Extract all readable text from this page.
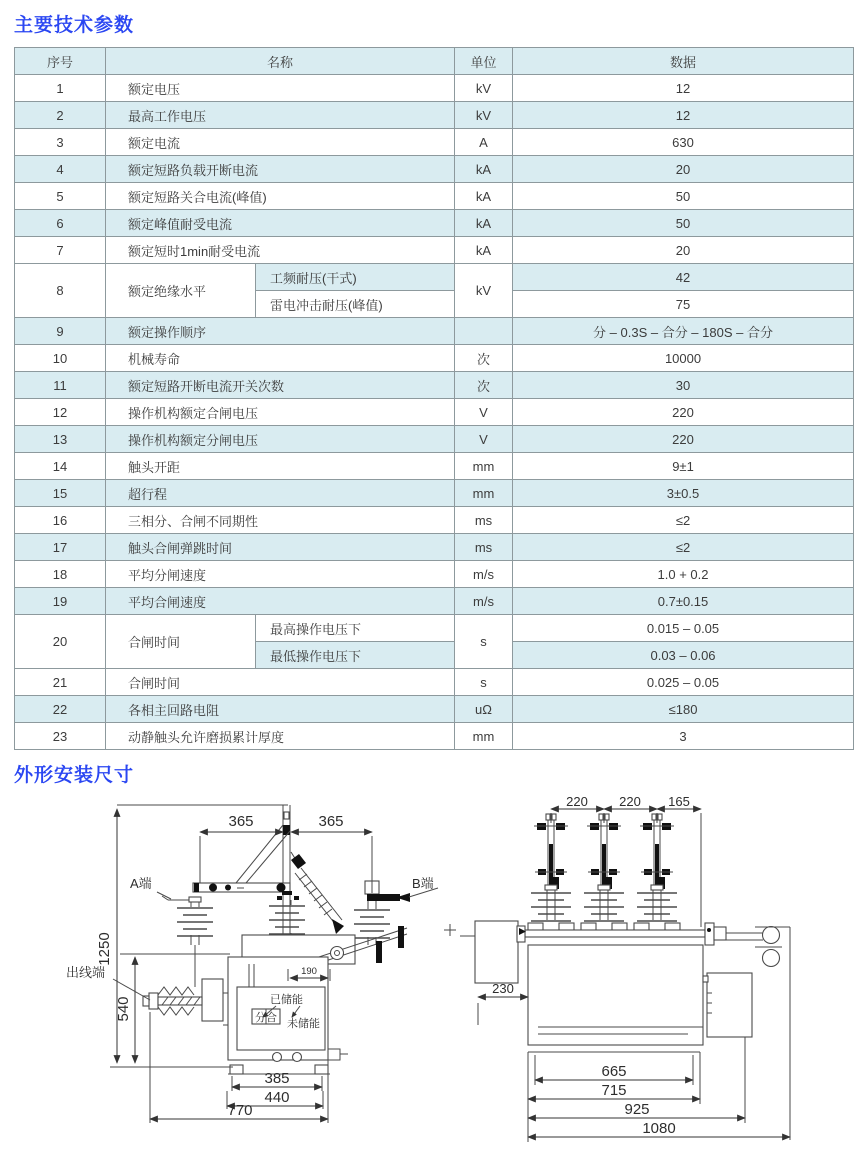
主要技术参数
序号	名称		单位	数据
1	额定电压		kV	12
2	最高工作电压		kV	12
3	额定电流		A	630
4	额定短路负载开断电流		kA	20
5	额定短路关合电流(峰值)		kA	50
6	额定峰值耐受电流		kA	50
7	额定短时1min耐受电流		kA	20
8	额定绝缘水平	工频耐压(干式)	kV	42
		雷电冲击耐压(峰值)		75
9	额定操作顺序			分 – 0.3S – 合分 – 180S – 合分
10	机械寿命		次	10000
11	额定短路开断电流开关次数		次	30
12	操作机构额定合闸电压		V	220
13	操作机构额定分闸电压		V	220
14	触头开距		mm	9±1
15	超行程		mm	3±0.5
16	三相分、合闸不同期性		ms	≤2
17	触头合闸弹跳时间		ms	≤2
18	平均分闸速度		m/s	1.0 + 0.2
19	平均合闸速度		m/s	0.7±0.15
20	合闸时间	最高操作电压下	s	0.015 – 0.05
		最低操作电压下		0.03 – 0.06
21	合闸时间		s	0.025 – 0.05
22	各相主回路电阻		uΩ	≤180
23	动静触头允许磨损累计厚度		mm	3
外形安装尺寸
365	365
1250
540
190
385
440
770
A端	B端
出线端
已储能
分合 未储能
220 220 165
230
665
715
925
1080
